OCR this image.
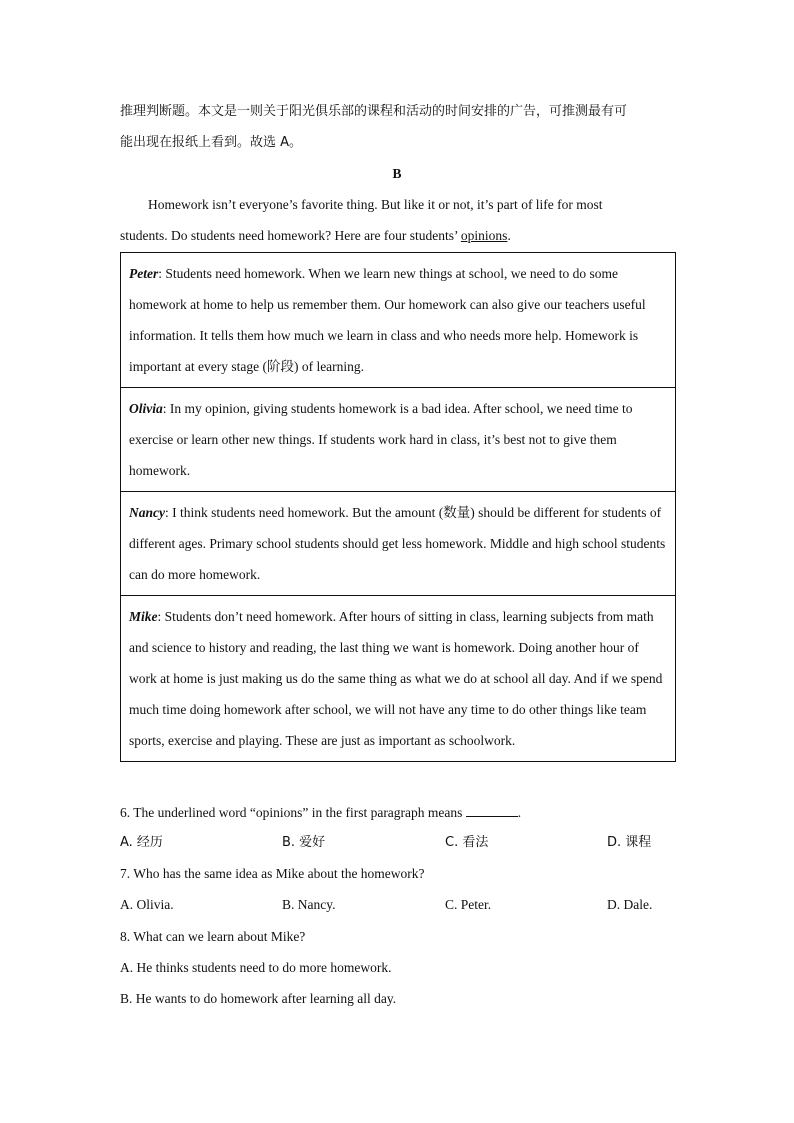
推理判断题。本文是一则关于阳光俱乐部的课程和活动的时间安排的广告，可推测最有可
能出现在报纸上看到。故选 A。
B
Homework isn’t everyone’s favorite thing. But like it or not, it’s part of life for most
students. Do students need homework? Here are four students’ opinions.
Peter: Students need homework. When we learn new things at school, we need to do some homework at home to help us remember them. Our homework can also give our teachers useful information. It tells them how much we learn in class and who needs more help. Homework is important at every stage (阶段) of learning.
Olivia: In my opinion, giving students homework is a bad idea. After school, we need time to exercise or learn other new things. If students work hard in class, it’s best not to give them homework.
Nancy: I think students need homework. But the amount (数量) should be different for students of different ages. Primary school students should get less homework. Middle and high school students can do more homework.
Mike: Students don’t need homework. After hours of sitting in class, learning subjects from math and science to history and reading, the last thing we want is homework. Doing another hour of work at home is just making us do the same thing as what we do at school all day. And if we spend much time doing homework after school, we will not have any time to do other things like team sports, exercise and playing. These are just as important as schoolwork.
6. The underlined word “opinions” in the first paragraph means	.
A. 经历	B. 爱好	C. 看法	D. 课程
7. Who has the same idea as Mike about the homework?
A. Olivia.	B. Nancy.	C. Peter.	D. Dale.
8. What can we learn about Mike?
A. He thinks students need to do more homework.
B. He wants to do homework after learning all day.
